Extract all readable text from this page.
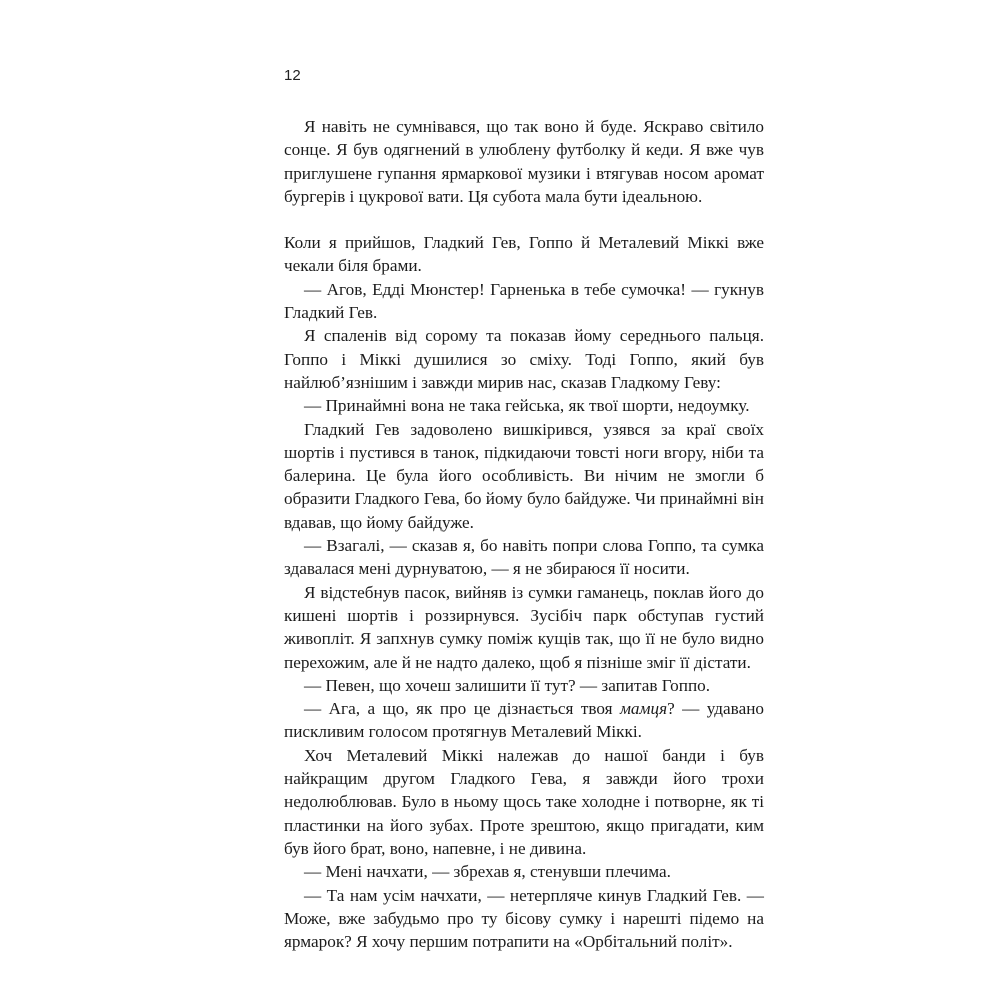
12

Я навіть не сумнівався, що так воно й буде. Яскраво світило сонце. Я був одягнений в улюблену футболку й кеди. Я вже чув приглушене гупання ярмаркової музики і втягував носом аромат бургерів і цукрової вати. Ця субота мала бути ідеальною.

Коли я прийшов, Гладкий Гев, Гоппо й Металевий Міккі вже чекали біля брами.

— Агов, Едді Мюнстер! Гарненька в тебе сумочка! — гукнув Гладкий Гев.

Я спаленів від сорому та показав йому середнього пальця. Гоппо і Міккі душилися зо сміху. Тоді Гоппо, який був найлюб’язнішим і завжди мирив нас, сказав Гладкому Геву:

— Принаймні вона не така гейська, як твої шорти, недоумку.

Гладкий Гев задоволено вишкірився, узявся за краї своїх шортів і пустився в танок, підкидаючи товсті ноги вгору, ніби та балерина. Це була його особливість. Ви нічим не змогли б образити Гладкого Гева, бо йому було байдуже. Чи принаймні він вдавав, що йому байдуже.

— Взагалі, — сказав я, бо навіть попри слова Гоппо, та сумка здавалася мені дурнуватою, — я не збираюся її носити.

Я відстебнув пасок, вийняв із сумки гаманець, поклав його до кишені шортів і роззирнувся. Зусібіч парк обступав густий живопліт. Я запхнув сумку поміж кущів так, що її не було видно перехожим, але й не надто далеко, щоб я пізніше зміг її дістати.

— Певен, що хочеш залишити її тут? — запитав Гоппо.

— Ага, а що, як про це дізнається твоя мамця? — удавано пискливим голосом протягнув Металевий Міккі.

Хоч Металевий Міккі належав до нашої банди і був найкращим другом Гладкого Гева, я завжди його трохи недолюблював. Було в ньому щось таке холодне і потворне, як ті пластинки на його зубах. Проте зрештою, якщо пригадати, ким був його брат, воно, напевне, і не дивина.

— Мені начхати, — збрехав я, стенувши плечима.

— Та нам усім начхати, — нетерпляче кинув Гладкий Гев. — Може, вже забудьмо про ту бісову сумку і нарешті підемо на ярмарок? Я хочу першим потрапити на «Орбітальний політ».
